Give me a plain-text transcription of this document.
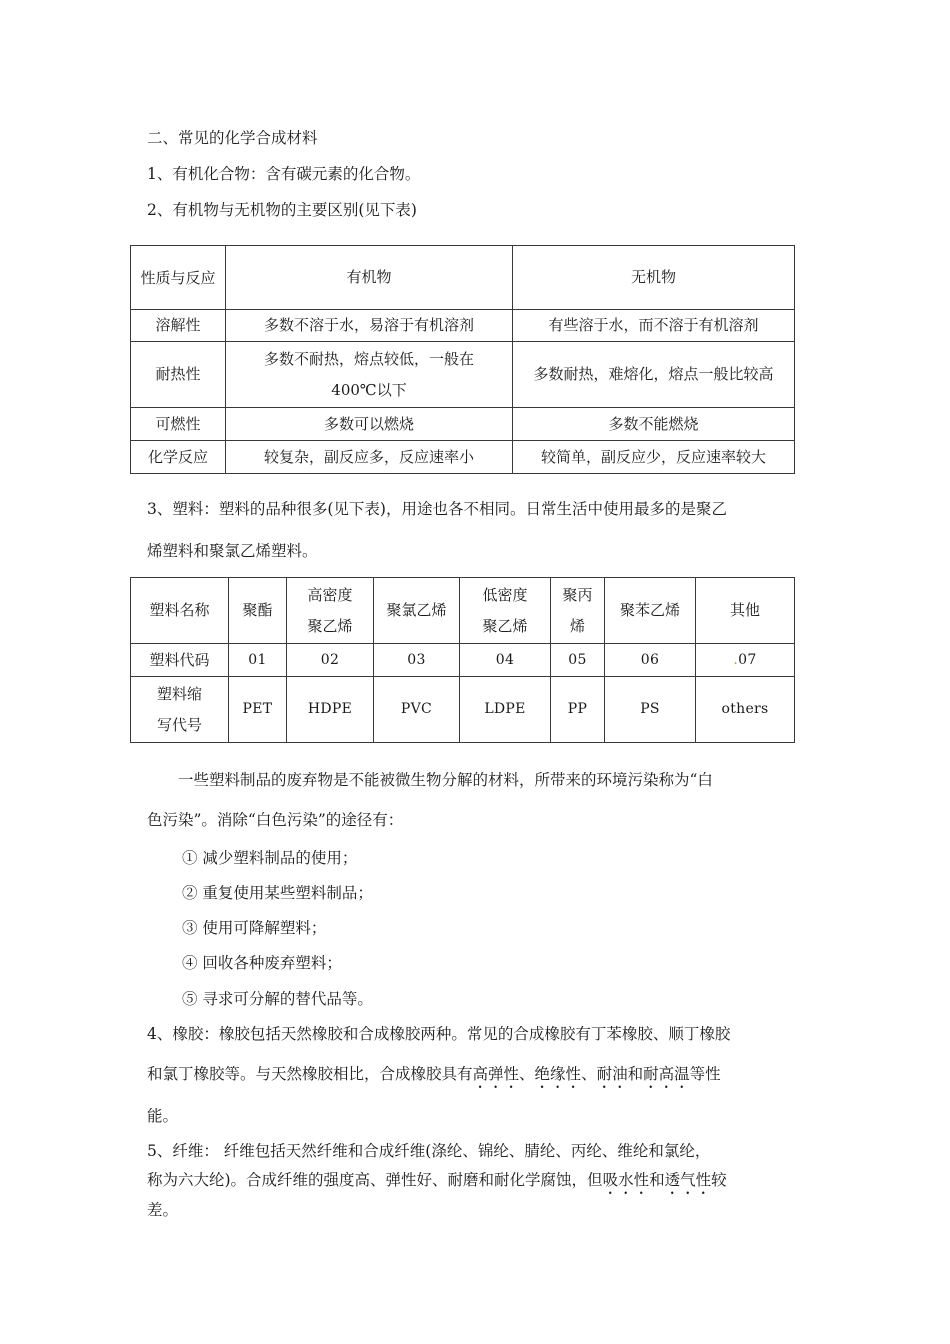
二、常见的化学合成材料
1、有机化合物：含有碳元素的化合物。
2、有机物与无机物的主要区别(见下表)
性质与反应	有机物	无机物
溶解性	多数不溶于水，易溶于有机溶剂	有些溶于水，而不溶于有机溶剂
耐热性	多数不耐热，熔点较低，一般在400℃以下	多数耐热，难熔化，熔点一般比较高
可燃性	多数可以燃烧	多数不能燃烧
化学反应	较复杂，副反应多，反应速率小	较简单，副反应少，反应速率较大
3、塑料：塑料的品种很多(见下表)，用途也各不相同。日常生活中使用最多的是聚乙
烯塑料和聚氯乙烯塑料。
塑料名称	聚酯	高密度聚乙烯	聚氯乙烯	低密度聚乙烯	聚丙烯	聚苯乙烯	其他
塑料代码	01	02	03	04	05	06	.07
塑料缩写代号	PET	HDPE	PVC	LDPE	PP	PS	others
一些塑料制品的废弃物是不能被微生物分解的材料，所带来的环境污染称为“白
色污染”。消除“白色污染”的途径有：
① 减少塑料制品的使用；
② 重复使用某些塑料制品；
③ 使用可降解塑料；
④ 回收各种废弃塑料；
⑤ 寻求可分解的替代品等。
4、橡胶：橡胶包括天然橡胶和合成橡胶两种。常见的合成橡胶有丁苯橡胶、顺丁橡胶
和氯丁橡胶等。与天然橡胶相比，合成橡胶具有高弹性、绝缘性、耐油和耐高温等性
能。
5、纤维： 纤维包括天然纤维和合成纤维(涤纶、锦纶、腈纶、丙纶、维纶和氯纶，
称为六大纶)。合成纤维的强度高、弹性好、耐磨和耐化学腐蚀，但吸水性和透气性较
差。
